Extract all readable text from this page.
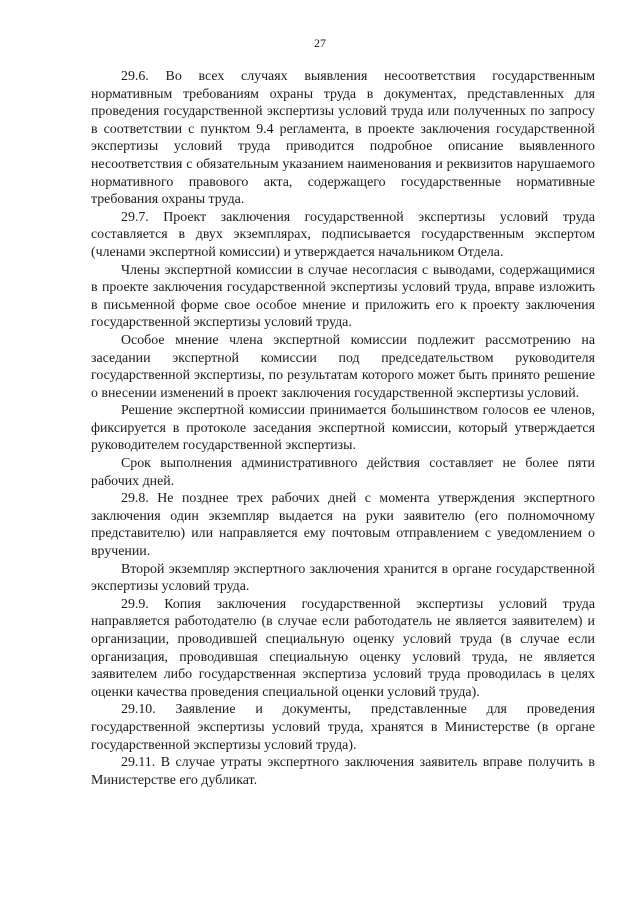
27

29.6. Во всех случаях выявления несоответствия государственным нормативным требованиям охраны труда в документах, представленных для проведения государственной экспертизы условий труда или полученных по запросу в соответствии с пунктом 9.4 регламента, в проекте заключения государственной экспертизы условий труда приводится подробное описание выявленного несоответствия с обязательным указанием наименования и реквизитов нарушаемого нормативного правового акта, содержащего государственные нормативные требования охраны труда.

29.7. Проект заключения государственной экспертизы условий труда составляется в двух экземплярах, подписывается государственным экспертом (членами экспертной комиссии) и утверждается начальником Отдела.

Члены экспертной комиссии в случае несогласия с выводами, содержащимися в проекте заключения государственной экспертизы условий труда, вправе изложить в письменной форме свое особое мнение и приложить его к проекту заключения государственной экспертизы условий труда.

Особое мнение члена экспертной комиссии подлежит рассмотрению на заседании экспертной комиссии под председательством руководителя государственной экспертизы, по результатам которого может быть принято решение о внесении изменений в проект заключения государственной экспертизы условий.

Решение экспертной комиссии принимается большинством голосов ее членов, фиксируется в протоколе заседания экспертной комиссии, который утверждается руководителем государственной экспертизы.

Срок выполнения административного действия составляет не более пяти рабочих дней.

29.8. Не позднее трех рабочих дней с момента утверждения экспертного заключения один экземпляр выдается на руки заявителю (его полномочному представителю) или направляется ему почтовым отправлением с уведомлением о вручении.

Второй экземпляр экспертного заключения хранится в органе государственной экспертизы условий труда.

29.9. Копия заключения государственной экспертизы условий труда направляется работодателю (в случае если работодатель не является заявителем) и организации, проводившей специальную оценку условий труда (в случае если организация, проводившая специальную оценку условий труда, не является заявителем либо государственная экспертиза условий труда проводилась в целях оценки качества проведения специальной оценки условий труда).

29.10. Заявление и документы, представленные для проведения государственной экспертизы условий труда, хранятся в Министерстве (в органе государственной экспертизы условий труда).

29.11. В случае утраты экспертного заключения заявитель вправе получить в Министерстве его дубликат.
